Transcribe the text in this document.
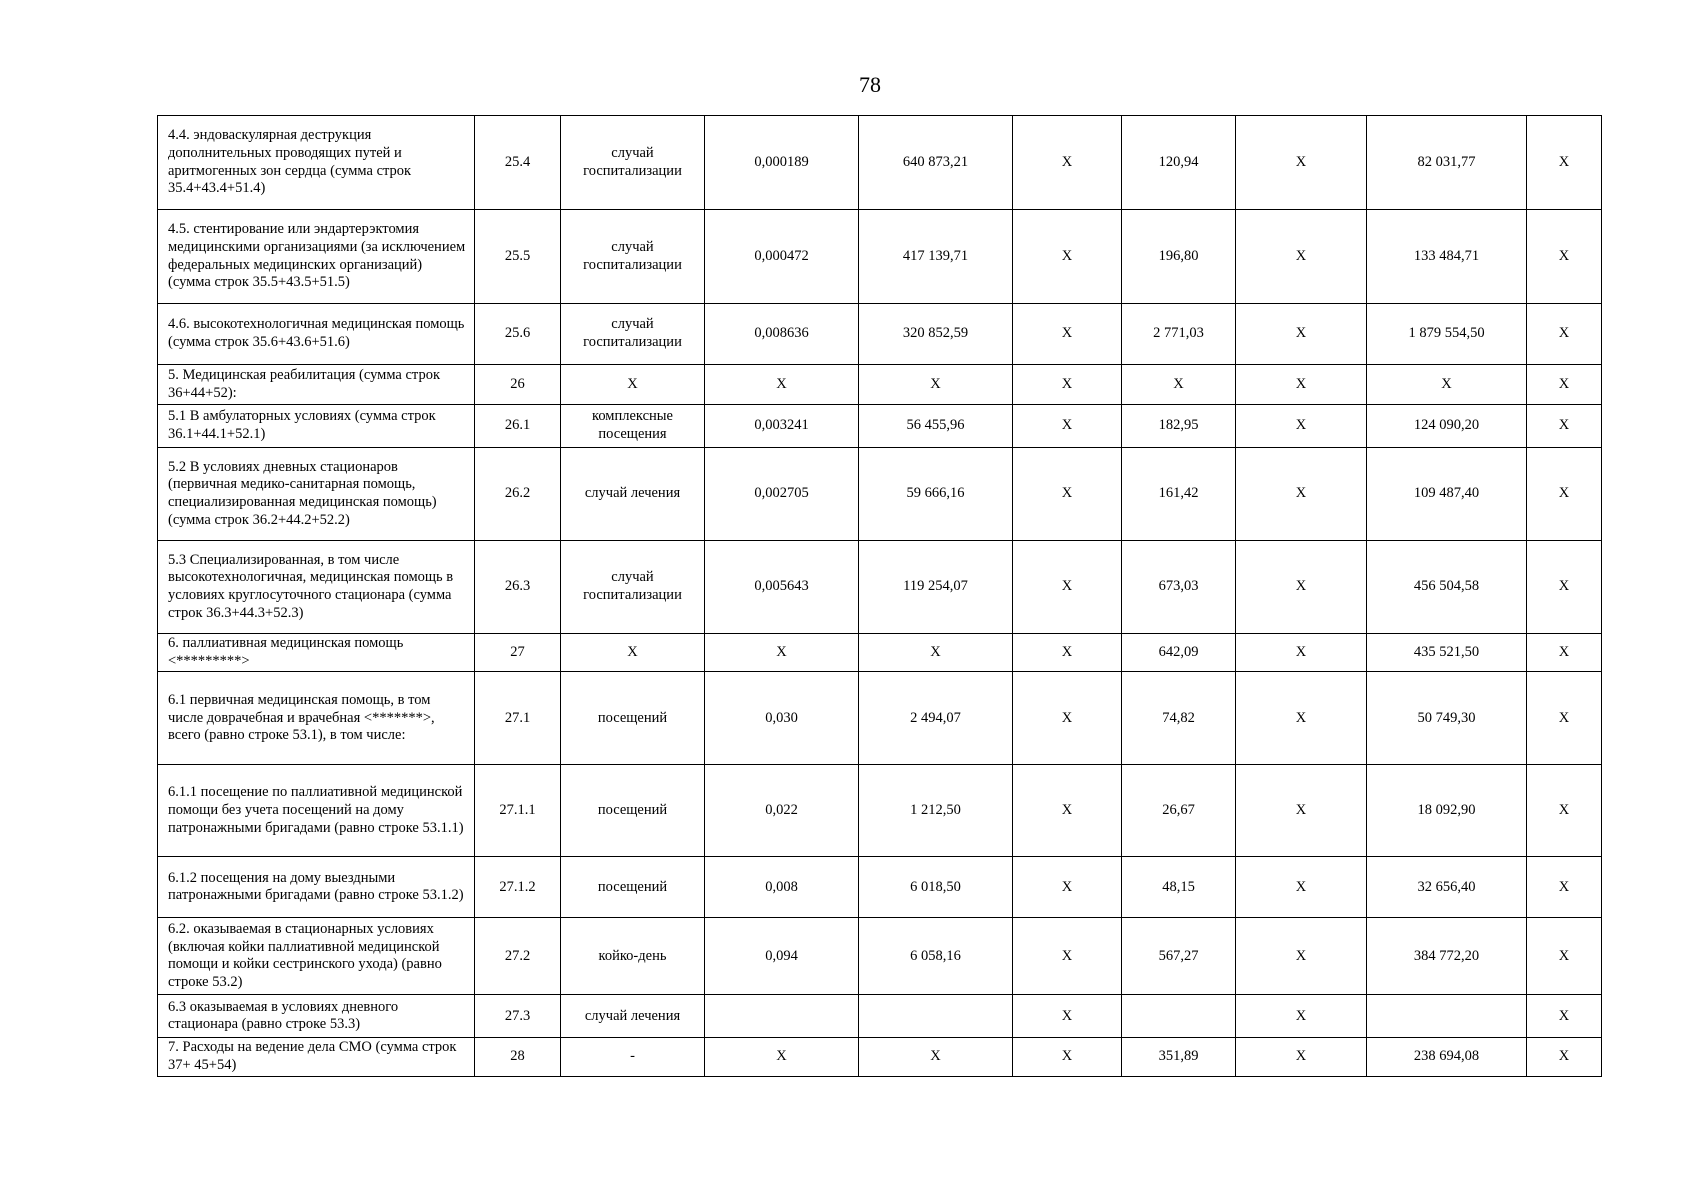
78
4.4. эндоваскулярная деструкция дополнительных проводящих путей и аритмогенных зон сердца (сумма строк 35.4+43.4+51.4)	25.4	случай госпитализации	0,000189	640 873,21	X	120,94	X	82 031,77	X
4.5. стентирование или эндартерэктомия медицинскими организациями (за исключением федеральных медицинских организаций) (сумма строк 35.5+43.5+51.5)	25.5	случай госпитализации	0,000472	417 139,71	X	196,80	X	133 484,71	X
4.6. высокотехнологичная медицинская помощь (сумма строк 35.6+43.6+51.6)	25.6	случай госпитализации	0,008636	320 852,59	X	2 771,03	X	1 879 554,50	X
5. Медицинская реабилитация (сумма строк 36+44+52):	26	X	X	X	X	X	X	X	X
5.1 В амбулаторных условиях (сумма строк 36.1+44.1+52.1)	26.1	комплексные посещения	0,003241	56 455,96	X	182,95	X	124 090,20	X
5.2 В условиях дневных стационаров (первичная медико-санитарная помощь, специализированная медицинская помощь) (сумма строк 36.2+44.2+52.2)	26.2	случай лечения	0,002705	59 666,16	X	161,42	X	109 487,40	X
5.3 Специализированная, в том числе высокотехнологичная, медицинская помощь в условиях круглосуточного стационара (сумма строк 36.3+44.3+52.3)	26.3	случай госпитализации	0,005643	119 254,07	X	673,03	X	456 504,58	X
6. паллиативная медицинская помощь <*********>	27	X	X	X	X	642,09	X	435 521,50	X
6.1 первичная медицинская помощь, в том числе доврачебная и врачебная <*******>, всего (равно строке 53.1), в том числе:	27.1	посещений	0,030	2 494,07	X	74,82	X	50 749,30	X
6.1.1 посещение по паллиативной медицинской помощи без учета посещений на дому патронажными бригадами (равно строке 53.1.1)	27.1.1	посещений	0,022	1 212,50	X	26,67	X	18 092,90	X
6.1.2 посещения на дому выездными патронажными бригадами (равно строке 53.1.2)	27.1.2	посещений	0,008	6 018,50	X	48,15	X	32 656,40	X
6.2. оказываемая в стационарных условиях (включая койки паллиативной медицинской помощи и койки сестринского ухода) (равно строке 53.2)	27.2	койко-день	0,094	6 058,16	X	567,27	X	384 772,20	X
6.3 оказываемая в условиях дневного стационара (равно строке 53.3)	27.3	случай лечения			X		X		X
7. Расходы на ведение дела СМО (сумма строк 37+ 45+54)	28	-	X	X	X	351,89	X	238 694,08	X
